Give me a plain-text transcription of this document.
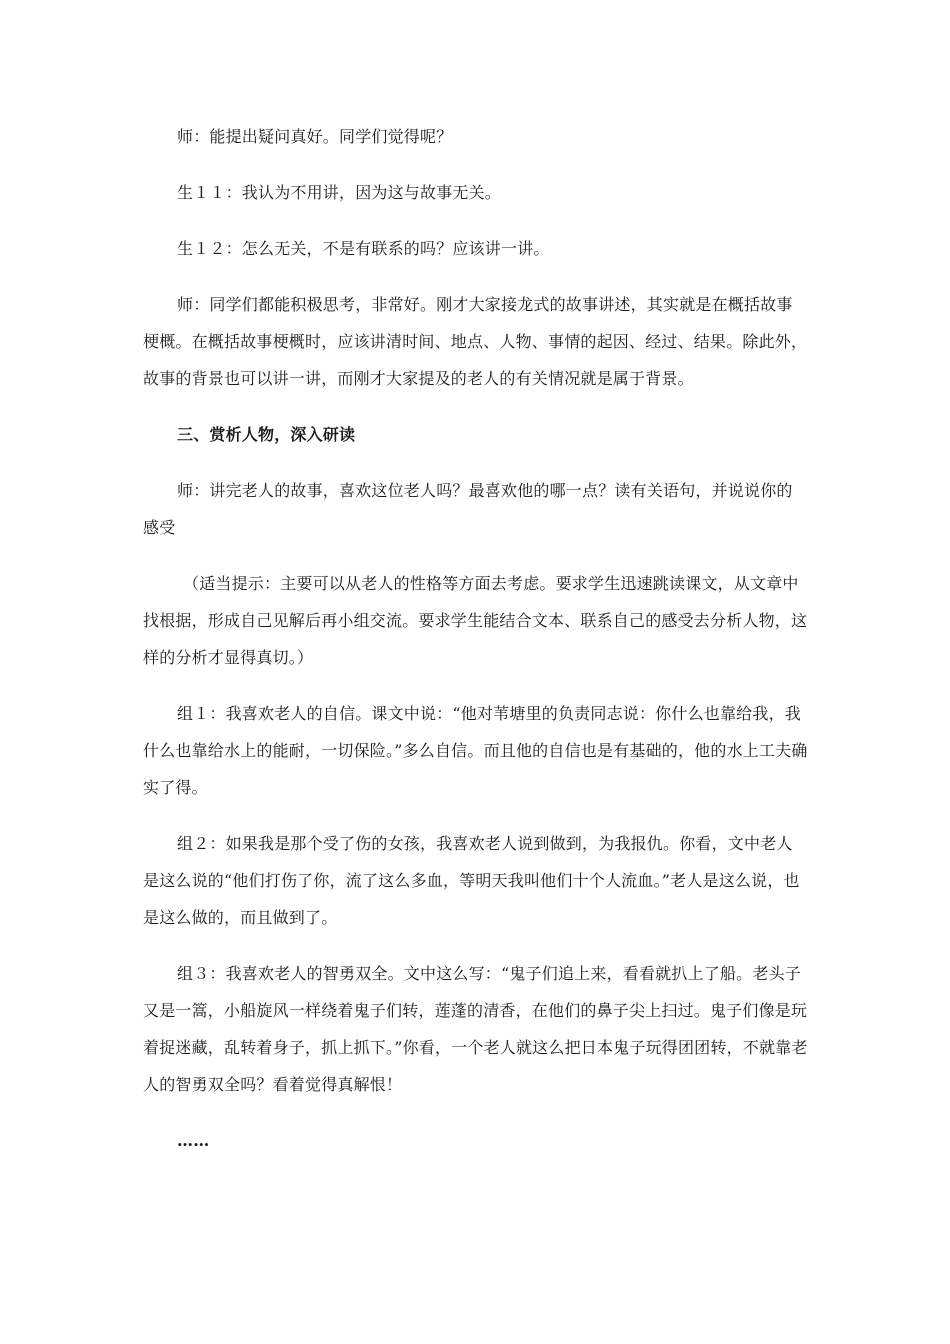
师：能提出疑问真好。同学们觉得呢？

生１１：我认为不用讲，因为这与故事无关。

生１２：怎么无关，不是有联系的吗？应该讲一讲。

师：同学们都能积极思考，非常好。刚才大家接龙式的故事讲述，其实就是在概括故事梗概。在概括故事梗概时，应该讲清时间、地点、人物、事情的起因、经过、结果。除此外，故事的背景也可以讲一讲，而刚才大家提及的老人的有关情况就是属于背景。

三、赏析人物，深入研读

师：讲完老人的故事，喜欢这位老人吗？最喜欢他的哪一点？读有关语句，并说说你的感受

（适当提示：主要可以从老人的性格等方面去考虑。要求学生迅速跳读课文，从文章中找根据，形成自己见解后再小组交流。要求学生能结合文本、联系自己的感受去分析人物，这样的分析才显得真切。）

组１：我喜欢老人的自信。课文中说：“他对苇塘里的负责同志说：你什么也靠给我，我什么也靠给水上的能耐，一切保险。”多么自信。而且他的自信也是有基础的，他的水上工夫确实了得。

组２：如果我是那个受了伤的女孩，我喜欢老人说到做到，为我报仇。你看，文中老人是这么说的“他们打伤了你，流了这么多血，等明天我叫他们十个人流血。”老人是这么说，也是这么做的，而且做到了。

组３：我喜欢老人的智勇双全。文中这么写：“鬼子们追上来，看看就扒上了船。老头子又是一篙，小船旋风一样绕着鬼子们转，莲蓬的清香，在他们的鼻子尖上扫过。鬼子们像是玩着捉迷藏，乱转着身子，抓上抓下。”你看，一个老人就这么把日本鬼子玩得团团转，不就靠老人的智勇双全吗？看着觉得真解恨！

……
